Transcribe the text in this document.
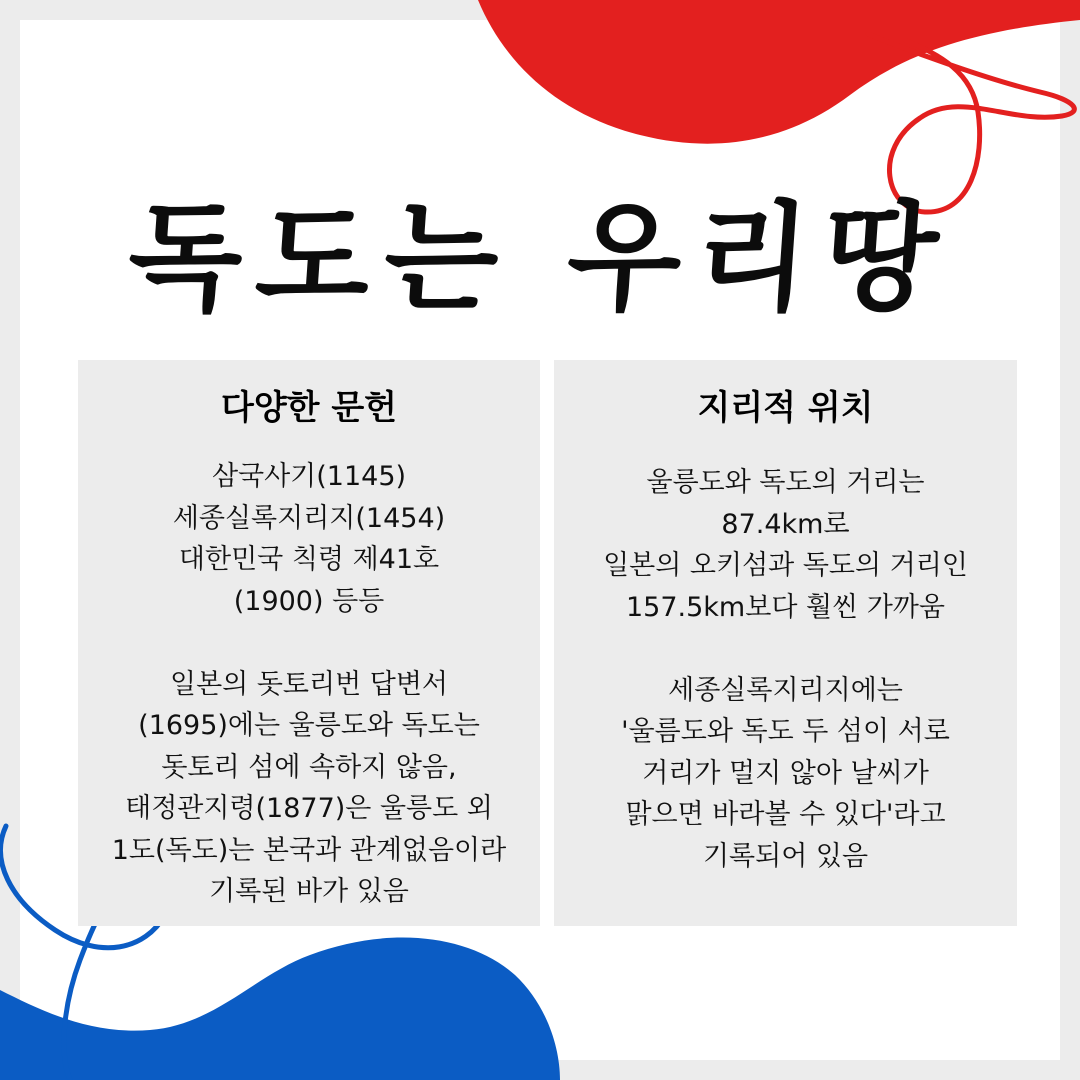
독도는 우리땅
다양한 문헌
삼국사기(1145)
세종실록지리지(1454)
대한민국 칙령 제41호
(1900) 등등
일본의 돗토리번 답변서
(1695)에는 울릉도와 독도는
돗토리 섬에 속하지 않음,
태정관지령(1877)은 울릉도 외
1도(독도)는 본국과 관계없음이라
기록된 바가 있음
지리적 위치
울릉도와 독도의 거리는
87.4km로
일본의 오키섬과 독도의 거리인
157.5km보다 훨씬 가까움
세종실록지리지에는
'울름도와 독도 두 섬이 서로
거리가 멀지 않아 날씨가
맑으면 바라볼 수 있다'라고
기록되어 있음
